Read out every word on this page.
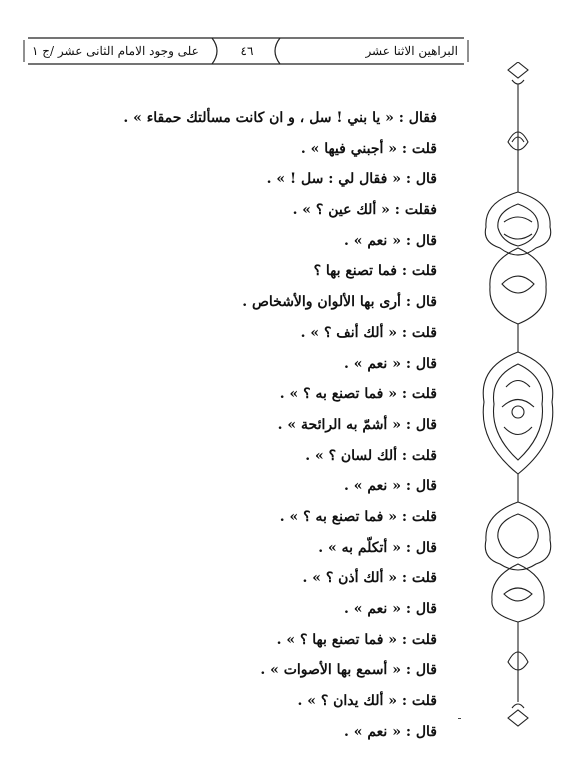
البراهين الاثنا عشر
٤٦
على وجود الامام الثانى عشر /ج ١
فقال : « يا بني ! سل ، و ان كانت مسألتك حمقاء » .
قلت : « أجبني فيها » .
قال : « فقال لي : سل ! » .
فقلت : « ألك عين ؟ » .
قال : « نعم » .
قلت : فما تصنع بها ؟
قال : أرى بها الألوان والأشخاص .
قلت : « ألك أنف ؟ » .
قال : « نعم » .
قلت : « فما تصنع به ؟ » .
قال : « أشمّ به الرائحة » .
قلت : ألك لسان ؟ » .
قال : « نعم » .
قلت : « فما تصنع به ؟ » .
قال : « أتكلّم به » .
قلت : « ألك أذن ؟ » .
قال : « نعم » .
قلت : « فما تصنع بها ؟ » .
قال : « أسمع بها الأصوات » .
قلت : « ألك يدان ؟ » .
قال : « نعم » .
